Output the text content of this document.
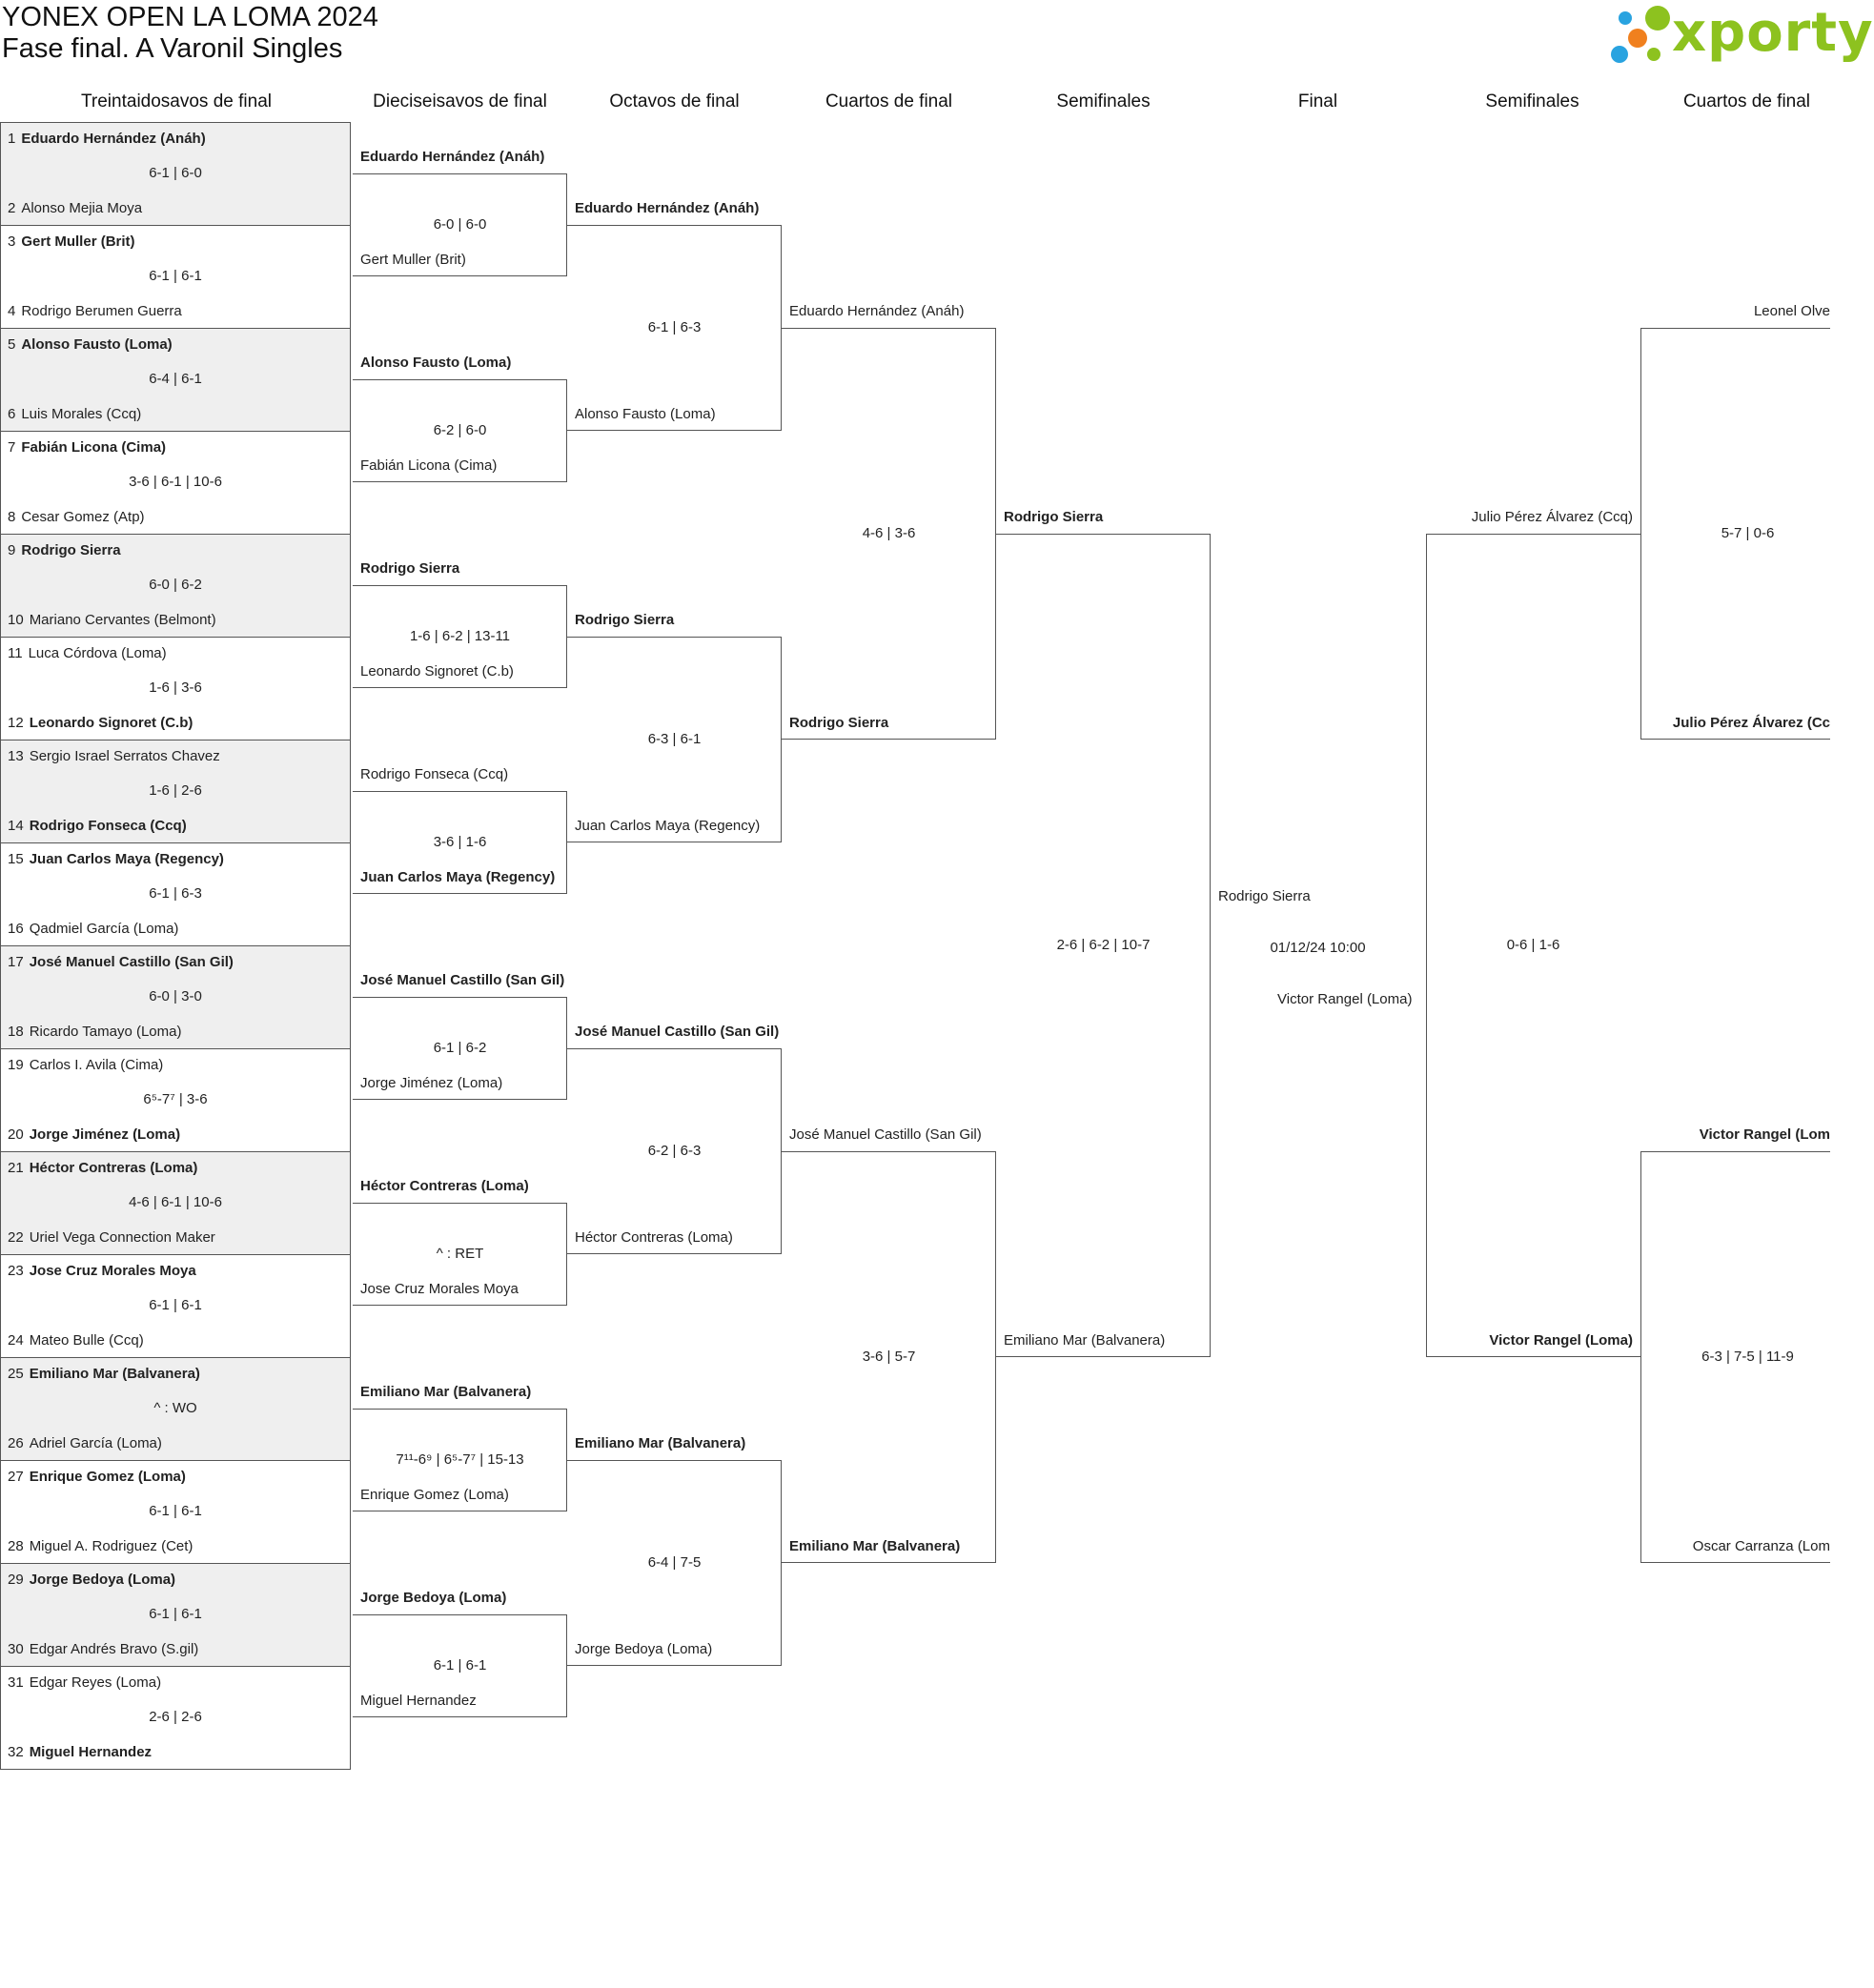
YONEX OPEN LA LOMA 2024
Fase final. A Varonil Singles	xporty
Treintaidosavos de final	Dieciseisavos de final	Octavos de final	Cuartos de final	Semifinales	Final	Semifinales	Cuartos de final
1 Eduardo Hernández (Anáh)
6-1 | 6-0
2 Alonso Mejia Moya
3 Gert Muller (Brit)
6-1 | 6-1
4 Rodrigo Berumen Guerra
5 Alonso Fausto (Loma)
6-4 | 6-1
6 Luis Morales (Ccq)
7 Fabián Licona (Cima)
3-6 | 6-1 | 10-6
8 Cesar Gomez (Atp)
9 Rodrigo Sierra
6-0 | 6-2
10 Mariano Cervantes (Belmont)
11 Luca Córdova (Loma)
1-6 | 3-6
12 Leonardo Signoret (C.b)
13 Sergio Israel Serratos Chavez
1-6 | 2-6
14 Rodrigo Fonseca (Ccq)
15 Juan Carlos Maya (Regency)
6-1 | 6-3
16 Qadmiel García (Loma)
17 José Manuel Castillo (San Gil)
6-0 | 3-0
18 Ricardo Tamayo (Loma)
19 Carlos I. Avila (Cima)
6⁵-7⁷ | 3-6
20 Jorge Jiménez (Loma)
21 Héctor Contreras (Loma)
4-6 | 6-1 | 10-6
22 Uriel Vega Connection Maker
23 Jose Cruz Morales Moya
6-1 | 6-1
24 Mateo Bulle (Ccq)
25 Emiliano Mar (Balvanera)
^ : WO
26 Adriel García (Loma)
27 Enrique Gomez (Loma)
6-1 | 6-1
28 Miguel A. Rodriguez (Cet)
29 Jorge Bedoya (Loma)
6-1 | 6-1
30 Edgar Andrés Bravo (S.gil)
31 Edgar Reyes (Loma)
2-6 | 2-6
32 Miguel Hernandez
Eduardo Hernández (Anáh)
Gert Muller (Brit)
6-0 | 6-0
Alonso Fausto (Loma)
Fabián Licona (Cima)
6-2 | 6-0
Rodrigo Sierra
Leonardo Signoret (C.b)
1-6 | 6-2 | 13-11
Rodrigo Fonseca (Ccq)
Juan Carlos Maya (Regency)
3-6 | 1-6
José Manuel Castillo (San Gil)
Jorge Jiménez (Loma)
6-1 | 6-2
Héctor Contreras (Loma)
Jose Cruz Morales Moya
^ : RET
Emiliano Mar (Balvanera)
Enrique Gomez (Loma)
7¹¹-6⁹ | 6⁵-7⁷ | 15-13
Jorge Bedoya (Loma)
Miguel Hernandez
6-1 | 6-1
Eduardo Hernández (Anáh)
Alonso Fausto (Loma)
6-1 | 6-3
Rodrigo Sierra
Juan Carlos Maya (Regency)
6-3 | 6-1
José Manuel Castillo (San Gil)
Héctor Contreras (Loma)
6-2 | 6-3
Emiliano Mar (Balvanera)
Jorge Bedoya (Loma)
6-4 | 7-5
Eduardo Hernández (Anáh)
Rodrigo Sierra
4-6 | 3-6
José Manuel Castillo (San Gil)
Emiliano Mar (Balvanera)
3-6 | 5-7
Rodrigo Sierra
Emiliano Mar (Balvanera)
2-6 | 6-2 | 10-7
Rodrigo Sierra
01/12/24 10:00
Victor Rangel (Loma)
Julio Pérez Álvarez (Ccq)
Victor Rangel (Loma)
0-6 | 1-6
Leonel Olve
Julio Pérez Álvarez (Cc
5-7 | 0-6
Victor Rangel (Lom
Oscar Carranza (Lom
6-3 | 7-5 | 11-9
